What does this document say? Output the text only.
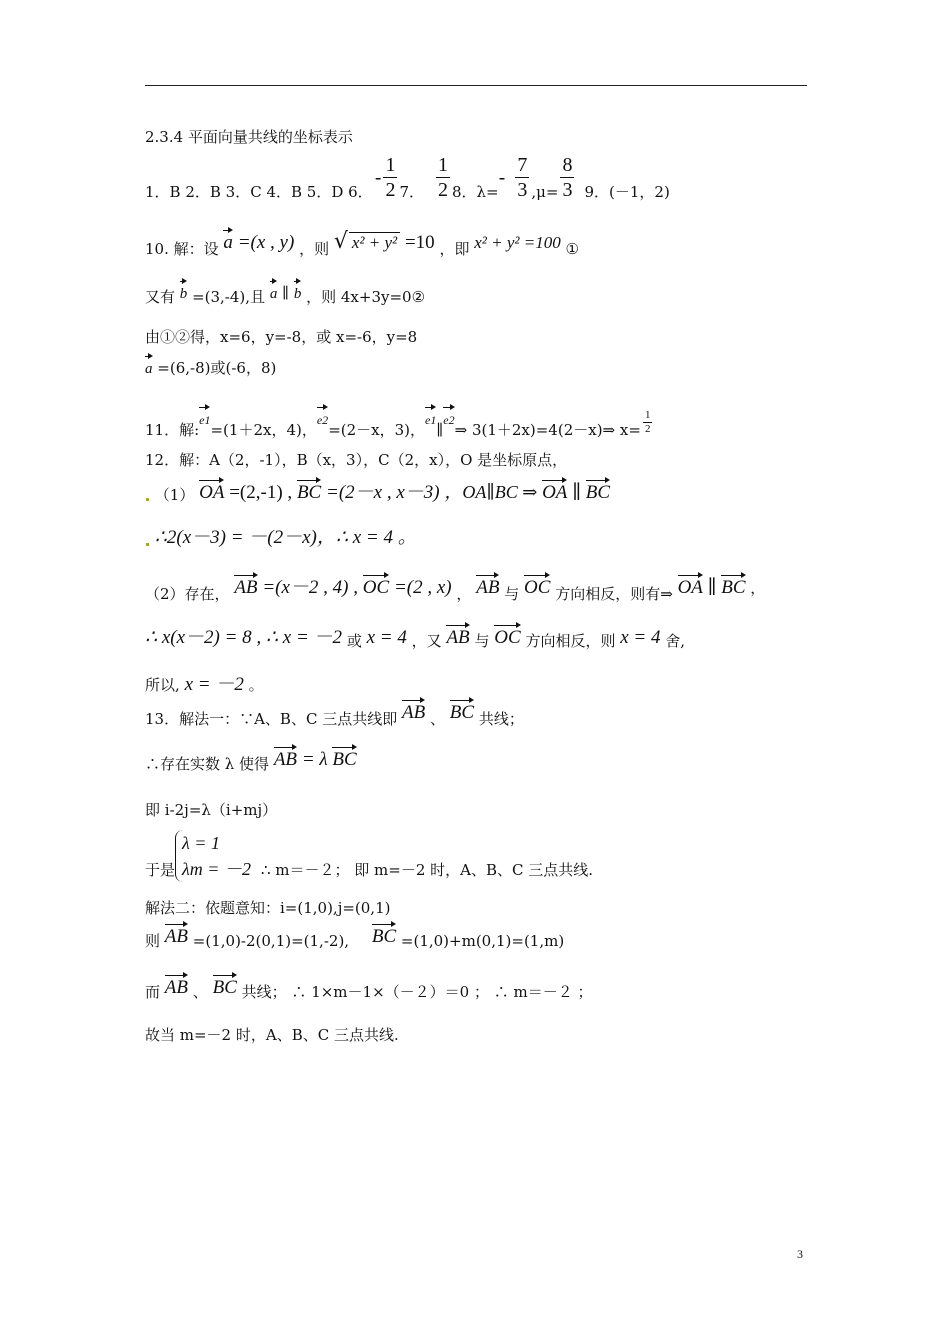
2.3.4 平面向量共线的坐标表示
1．B 2．B 3．C 4．B 5．D 6．
- $\frac{1}{2} 7$． $\frac{1}{2} 8$．λ=
- $\frac{7}{3} ,\mu= \frac{8}{3} 9$．(－1，2)
10. 解：设 a =(x , y) ，则 √ x² + y² =10 ，即 x² + y² =100 ①
又有 b =(3,-4),且 a ∥ b ，则 4x+3y=0②
由①②得，x=6，y=-8，或 x=-6，y=8
a =(6,-8)或(-6，8)
11．解:
e1
=(1＋2x，4)，
e2
=(2－x，3)，
e1
∥
e2
⇒ 3(1＋2x)=4(2－x)⇒ $x= \frac{1}{2}$
12．解：A（2，-1），B（x，3），C（2，x），O 是坐标原点，
（1） OA =(2,-1) , BC =(2－x , x－3) ，OA∥BC ⇒ OA ∥ BC
∴2(x－3) = －(2－x)，∴ x = 4 。
（2）存在， AB =(x－2 , 4) , OC =(2 , x) ， AB 与 OC 方向相反，则有⇒ OA ∥ BC ，
∴ x(x－2) = 8 , ∴ x = －2 或 x = 4 ，又 AB 与 OC 方向相反，则 x = 4 舍,
所以, x = －2 。
13．解法一：∵A、B、C 三点共线即 AB 、 BC 共线；
∴存在实数 λ 使得 AB = λ BC
即 i-2j=λ（i+mj）
于是
λ = 1
λm = －2 ∴ m＝－２； 即 m=－2 时，A、B、C 三点共线.
解法二：依题意知：i=(1,0),j=(0,1)
则 AB =(1,0)-2(0,1)=(1,-2), BC =(1,0)+m(0,1)=(1,m)
而 AB 、 BC 共线； ∴ 1×m－1×（－２）＝0 ； ∴ m＝－２ ；
故当 m=－2 时，A、B、C 三点共线.
3
